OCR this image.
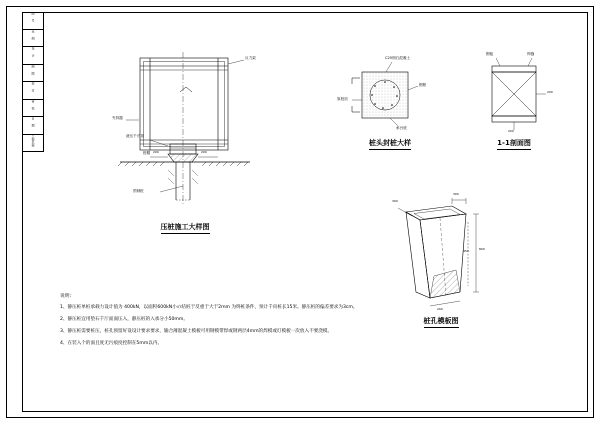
图 号
比 例
设 计
制 图
校 对
审 核
日 期
工程名称
反力架
夹持器
液压千斤顶
桩帽
预制桩
200	200
压桩施工大样图
C25细石混凝土
原桩顶
钢筋
承台底
桩头封桩大样
钢板	焊缝
200
200
1-1剖面图
300
300
800
450
200
桩孔模板图
说明：

1、静压桩单桩承载力设计值为 400kN，以面积600kN小の结桩于反重于大于2mm 为终桩条件，预计千向桩长15米。静压桩的偏差要求为3cm。

2、静压桩宜用垫石千厅面面压入，静压桩的入承分小50mm。

3、静压桩需要桩压，桩孔预留好设设计要求要求，输合薄混凝土模板可用钢模带焊或钢两层4mm的焊模或灯模板一次放入不要浇模。

4、在装入个的面且度无污痕度控制在5mm以内。
